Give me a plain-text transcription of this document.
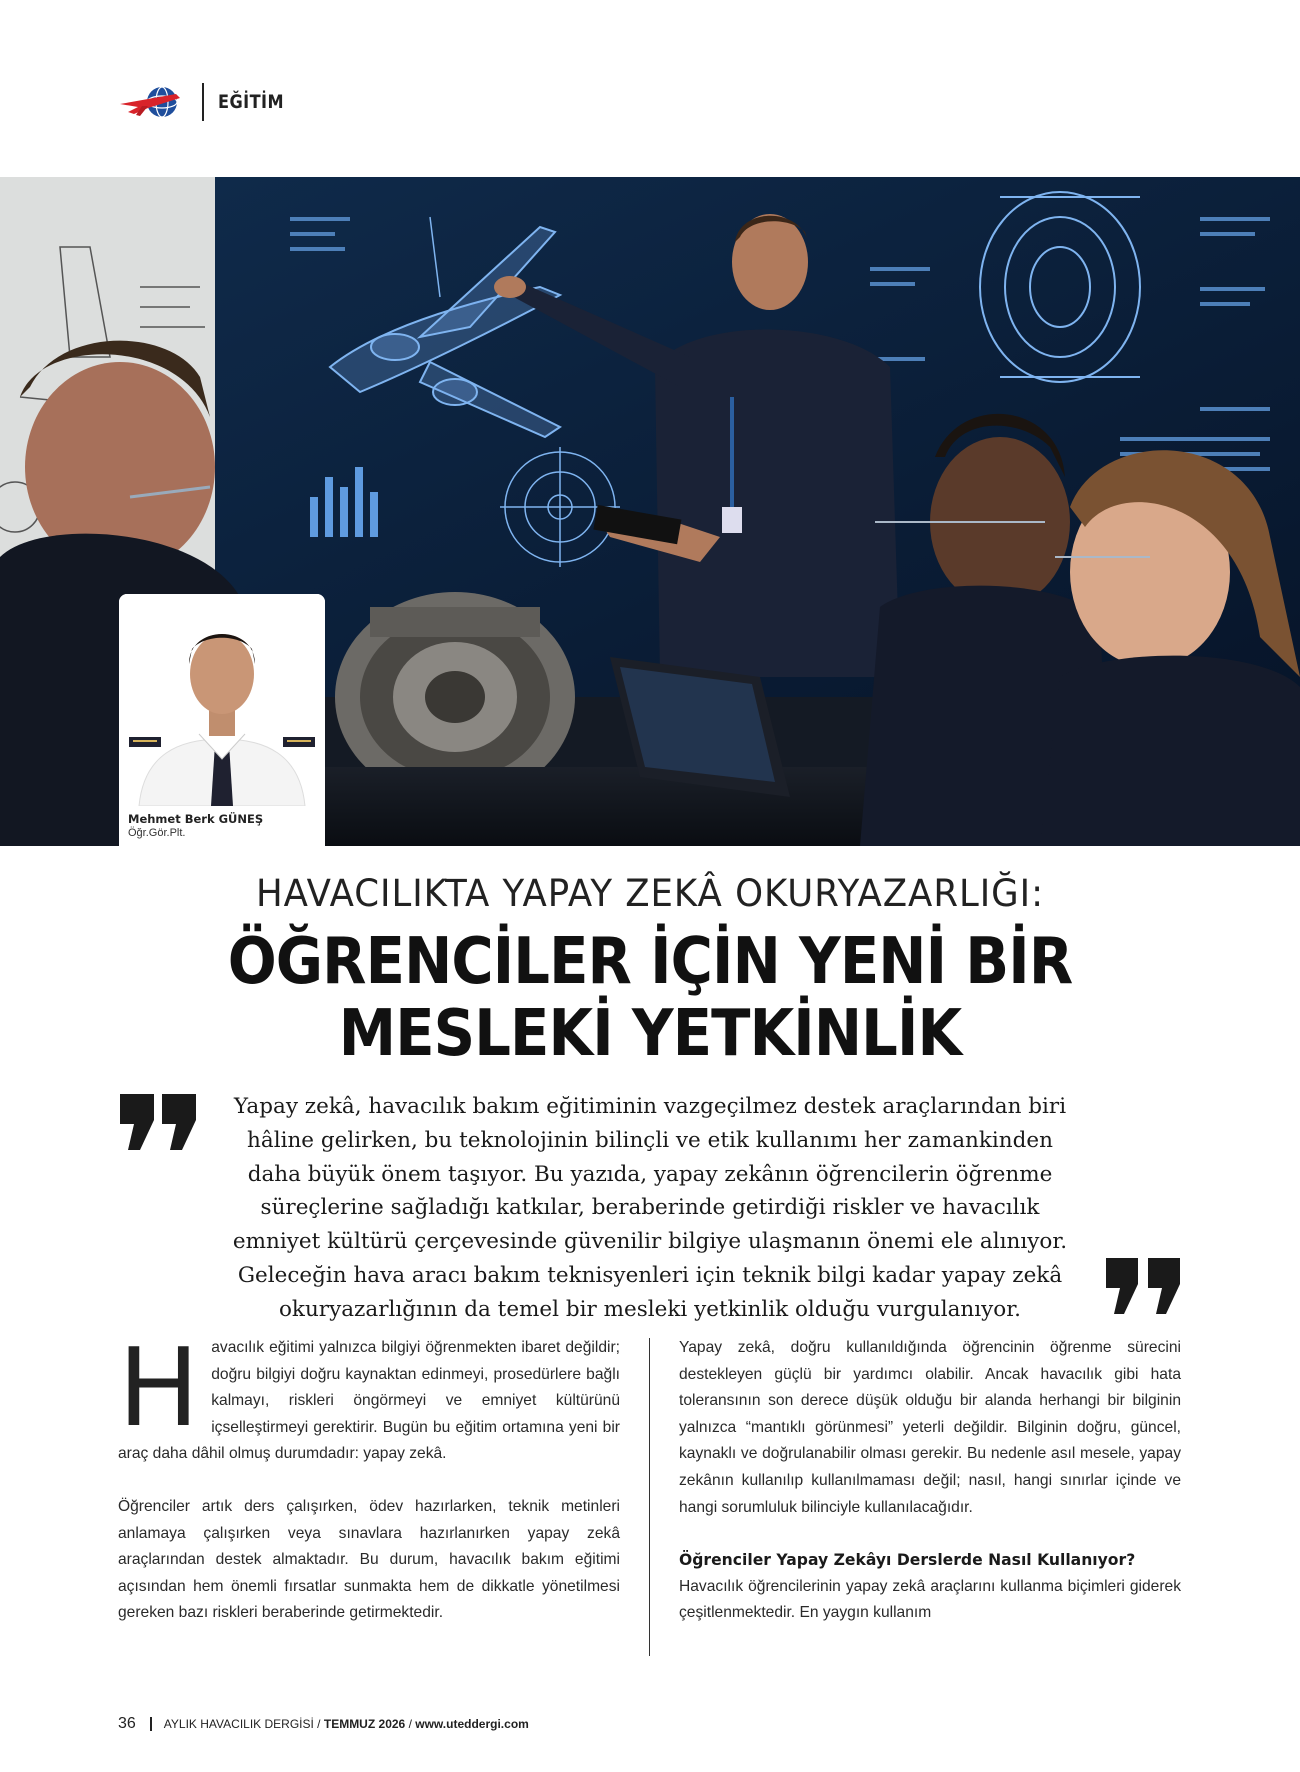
EĞİTİM
Mehmet Berk GÜNEŞ
Öğr.Gör.Plt.
HAVACILIKTA YAPAY ZEKÂ OKURYAZARLIĞI:
ÖĞRENCİLER İÇİN YENİ BİR
MESLEKİ YETKİNLİK
Yapay zekâ, havacılık bakım eğitiminin vazgeçilmez destek araçlarından biri
hâline gelirken, bu teknolojinin bilinçli ve etik kullanımı her zamankinden
daha büyük önem taşıyor. Bu yazıda, yapay zekânın öğrencilerin öğrenme
süreçlerine sağladığı katkılar, beraberinde getirdiği riskler ve havacılık
emniyet kültürü çerçevesinde güvenilir bilgiye ulaşmanın önemi ele alınıyor.
Geleceğin hava aracı bakım teknisyenleri için teknik bilgi kadar yapay zekâ
okuryazarlığının da temel bir mesleki yetkinlik olduğu vurgulanıyor.

Havacılık eğitimi yalnızca bilgiyi öğrenmekten ibaret değildir; doğru bilgiyi doğru kaynaktan edinmeyi, prosedürlere bağlı kalmayı, riskleri öngörmeyi ve emniyet kültürünü içselleştirmeyi gerektirir. Bugün bu eğitim ortamına yeni bir araç daha dâhil olmuş durumdadır: yapay zekâ.

Öğrenciler artık ders çalışırken, ödev hazırlarken, teknik metinleri anlamaya çalışırken veya sınavlara hazırlanırken yapay zekâ araçlarından destek almaktadır. Bu durum, havacılık bakım eğitimi açısından hem önemli fırsatlar sunmakta hem de dikkatle yönetilmesi gereken bazı riskleri beraberinde getirmektedir.

Yapay zekâ, doğru kullanıldığında öğrencinin öğrenme sürecini destekleyen güçlü bir yardımcı olabilir. Ancak havacılık gibi hata toleransının son derece düşük olduğu bir alanda herhangi bir bilginin yalnızca “mantıklı görünmesi” yeterli değildir. Bilginin doğru, güncel, kaynaklı ve doğrulanabilir olması gerekir. Bu nedenle asıl mesele, yapay zekânın kullanılıp kullanılmaması değil; nasıl, hangi sınırlar içinde ve hangi sorumluluk bilinciyle kullanılacağıdır.

Öğrenciler Yapay Zekâyı Derslerde Nasıl Kullanıyor?

Havacılık öğrencilerinin yapay zekâ araçlarını kullanma biçimleri giderek çeşitlenmektedir. En yaygın kullanım

36 AYLIK HAVACILIK DERGİSİ /
TEMMUZ 2026
/
www.uteddergi.com
